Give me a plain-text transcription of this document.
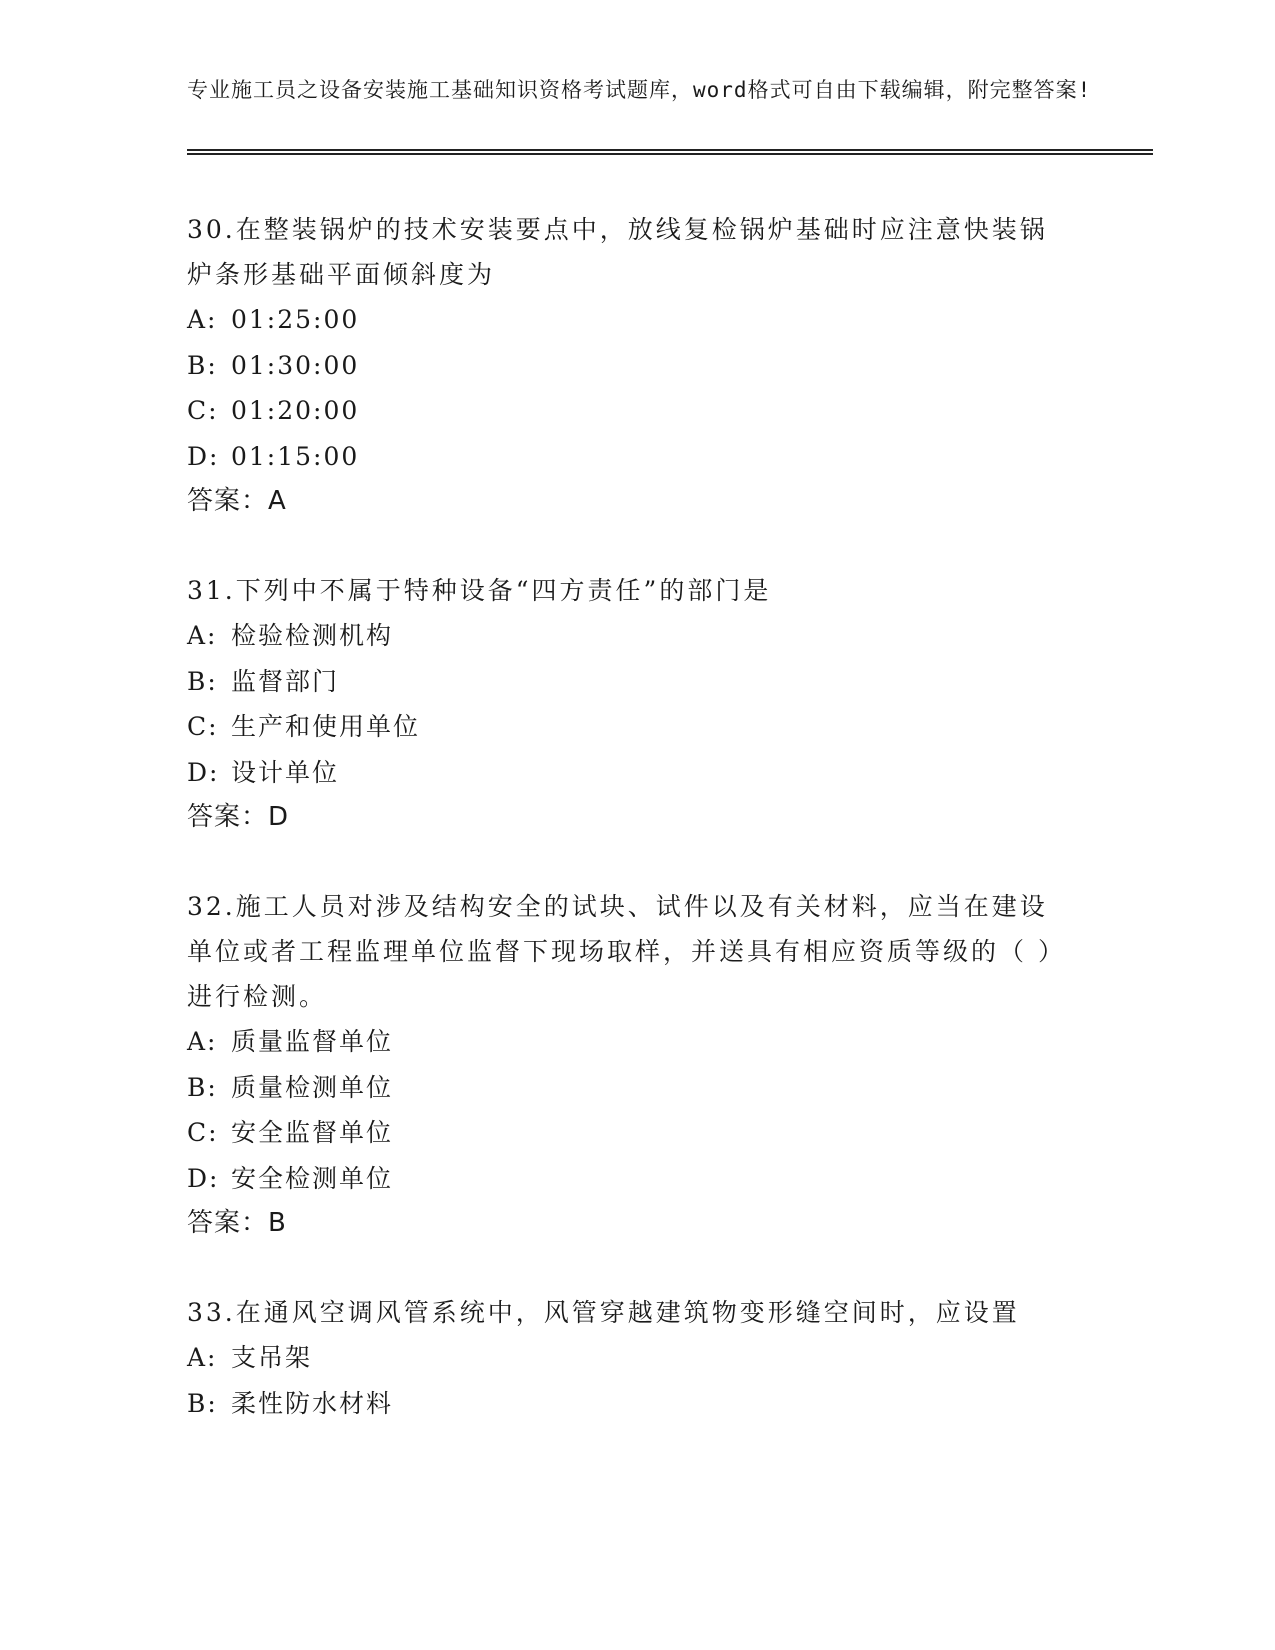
专业施工员之设备安装施工基础知识资格考试题库，word格式可自由下载编辑，附完整答案!

30.在整装锅炉的技术安装要点中，放线复检锅炉基础时应注意快装锅炉条形基础平面倾斜度为

A: 01:25:00

B: 01:30:00

C: 01:20:00

D: 01:15:00

答案：A

31.下列中不属于特种设备“四方责任”的部门是

A: 检验检测机构

B: 监督部门

C: 生产和使用单位

D: 设计单位

答案：D

32.施工人员对涉及结构安全的试块、试件以及有关材料，应当在建设单位或者工程监理单位监督下现场取样，并送具有相应资质等级的（ ）进行检测。

A: 质量监督单位

B: 质量检测单位

C: 安全监督单位

D: 安全检测单位

答案：B

33.在通风空调风管系统中，风管穿越建筑物变形缝空间时，应设置

A: 支吊架

B: 柔性防水材料
